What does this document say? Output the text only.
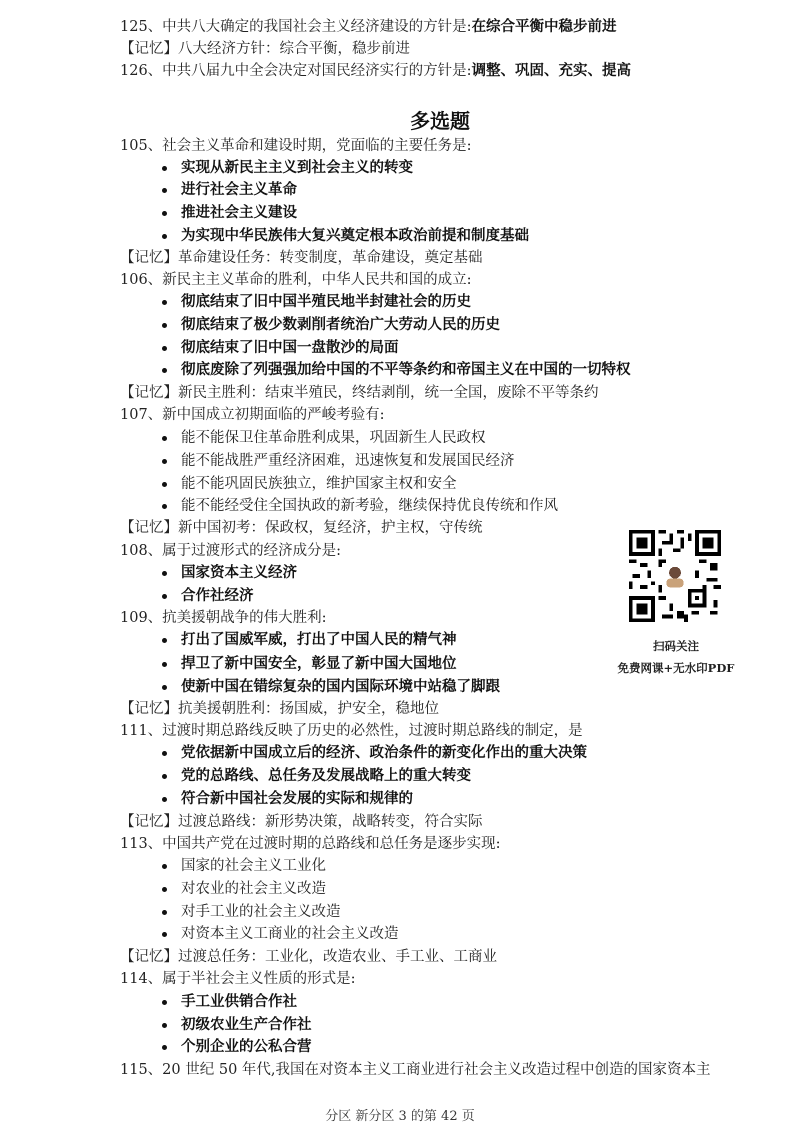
125、中共八大确定的我国社会主义经济建设的方针是:在综合平衡中稳步前进
【记忆】八大经济方针：综合平衡，稳步前进
126、中共八届九中全会决定对国民经济实行的方针是:调整、巩固、充实、提高
多选题
105、社会主义革命和建设时期，党面临的主要任务是:
实现从新民主主义到社会主义的转变
进行社会主义革命
推进社会主义建设
为实现中华民族伟大复兴奠定根本政治前提和制度基础
【记忆】革命建设任务：转变制度，革命建设，奠定基础
106、新民主主义革命的胜利，中华人民共和国的成立:
彻底结束了旧中国半殖民地半封建社会的历史
彻底结束了极少数剥削者统治广大劳动人民的历史
彻底结束了旧中国一盘散沙的局面
彻底废除了列强强加给中国的不平等条约和帝国主义在中国的一切特权
【记忆】新民主胜利：结束半殖民，终结剥削，统一全国，废除不平等条约
107、新中国成立初期面临的严峻考验有:
能不能保卫住革命胜利成果，巩固新生人民政权
能不能战胜严重经济困难，迅速恢复和发展国民经济
能不能巩固民族独立，维护国家主权和安全
能不能经受住全国执政的新考验，继续保持优良传统和作风
【记忆】新中国初考：保政权，复经济，护主权，守传统
108、属于过渡形式的经济成分是:
国家资本主义经济
合作社经济
109、抗美援朝战争的伟大胜利:
打出了国威军威，打出了中国人民的精气神
捍卫了新中国安全，彰显了新中国大国地位
使新中国在错综复杂的国内国际环境中站稳了脚跟
【记忆】抗美援朝胜利：扬国威，护安全，稳地位
111、过渡时期总路线反映了历史的必然性，过渡时期总路线的制定，是
党依据新中国成立后的经济、政治条件的新变化作出的重大决策
党的总路线、总任务及发展战略上的重大转变
符合新中国社会发展的实际和规律的
【记忆】过渡总路线：新形势决策，战略转变，符合实际
113、中国共产党在过渡时期的总路线和总任务是逐步实现:
国家的社会主义工业化
对农业的社会主义改造
对手工业的社会主义改造
对资本主义工商业的社会主义改造
【记忆】过渡总任务：工业化，改造农业、手工业、工商业
114、属于半社会主义性质的形式是:
手工业供销合作社
初级农业生产合作社
个别企业的公私合营
115、20 世纪 50 年代,我国在对资本主义工商业进行社会主义改造过程中创造的国家资本主
扫码关注
免费网课+无水印PDF
分区 新分区 3 的第 42 页
